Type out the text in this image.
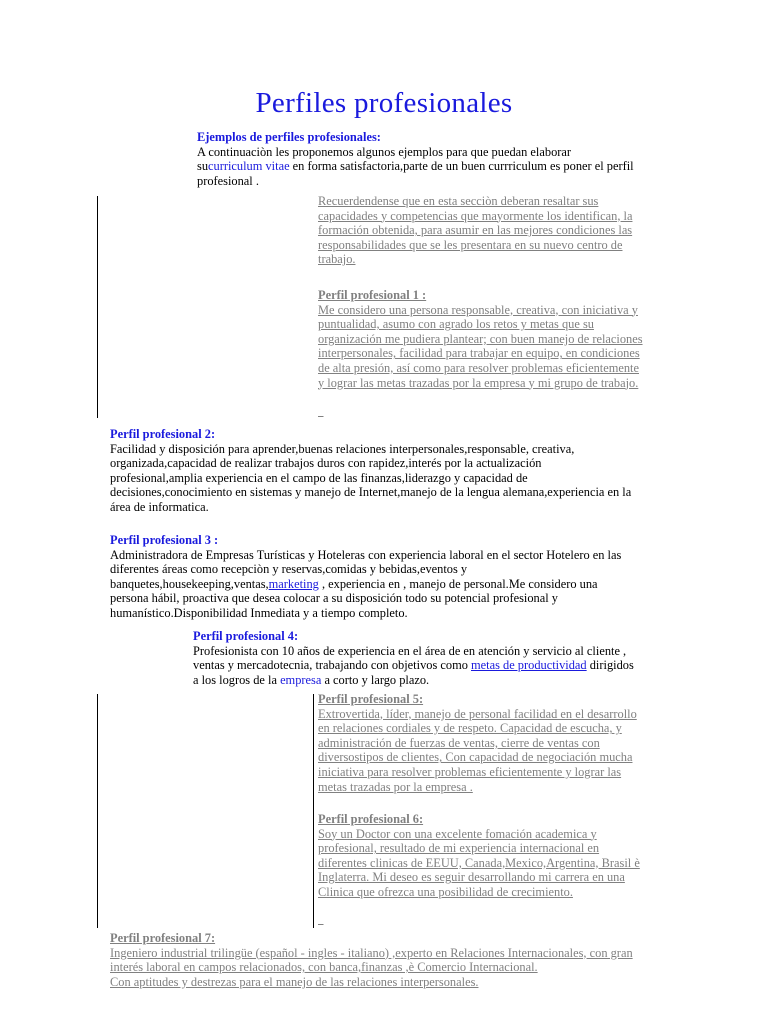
Perfiles profesionales
Ejemplos de perfiles profesionales:
A continuaciòn les proponemos algunos ejemplos para que puedan elaborar
sucurriculum vitae en forma satisfactoria,parte de un buen currriculum es poner el perfil
profesional .
Recuerdendense que en esta secciòn deberan resaltar sus
capacidades y competencias que mayormente los identifican, la
formación obtenida, para asumir en las mejores condiciones las
responsabilidades que se les presentara en su nuevo centro de
trabajo.
Perfil profesional 1 :
Me considero una persona responsable, creativa, con iniciativa y
puntualidad, asumo con agrado los retos y metas que su
organización me pudiera plantear; con buen manejo de relaciones
interpersonales, facilidad para trabajar en equipo, en condiciones
de alta presión, así como para resolver problemas eficientemente
y lograr las metas trazadas por la empresa y mi grupo de trabajo.

Perfil profesional 2:
Facilidad y disposición para aprender,buenas relaciones interpersonales,responsable, creativa,
organizada,capacidad de realizar trabajos duros con rapidez,interés por la actualización
profesional,amplia experiencia en el campo de las finanzas,liderazgo y capacidad de
decisiones,conocimiento en sistemas y manejo de Internet,manejo de la lengua alemana,experiencia en la
área de informatica.
Perfil profesional 3 :
Administradora de Empresas Turísticas y Hoteleras con experiencia laboral en el sector Hotelero en las
diferentes áreas como recepciòn y reservas,comidas y bebidas,eventos y
banquetes,housekeeping,ventas,marketing , experiencia en , manejo de personal.Me considero una
persona hábil, proactiva que desea colocar a su disposición todo su potencial profesional y
humanístico.Disponibilidad Inmediata y a tiempo completo.
Perfil profesional 4:
Profesionista con 10 años de experiencia en el área de en atención y servicio al cliente ,
ventas y mercadotecnia, trabajando con objetivos como metas de productividad dirigidos
a los logros de la empresa a corto y largo plazo.
Perfil profesional 5:
Extrovertida, líder, manejo de personal facilidad en el desarrollo
en relaciones cordiales y de respeto. Capacidad de escucha, y
administración de fuerzas de ventas, cierre de ventas con
diversostipos de clientes, Con capacidad de negociación mucha
iniciativa para resolver problemas eficientemente y lograr las
metas trazadas por la empresa .
Perfil profesional 6:
Soy un Doctor con una excelente fomación academica y
profesional, resultado de mi experiencia internacional en
diferentes clinicas de EEUU, Canada,Mexico,Argentina, Brasil è
Inglaterra. Mi deseo es seguir desarrollando mi carrera en una
Clinica que ofrezca una posibilidad de crecimiento.

Perfil profesional 7:
Ingeniero industrial trilingüe (español - ingles - italiano) ,experto en Relaciones Internacionales, con gran
interés laboral en campos relacionados, con banca,finanzas ,è Comercio Internacional.
Con aptitudes y destrezas para el manejo de las relaciones interpersonales.
